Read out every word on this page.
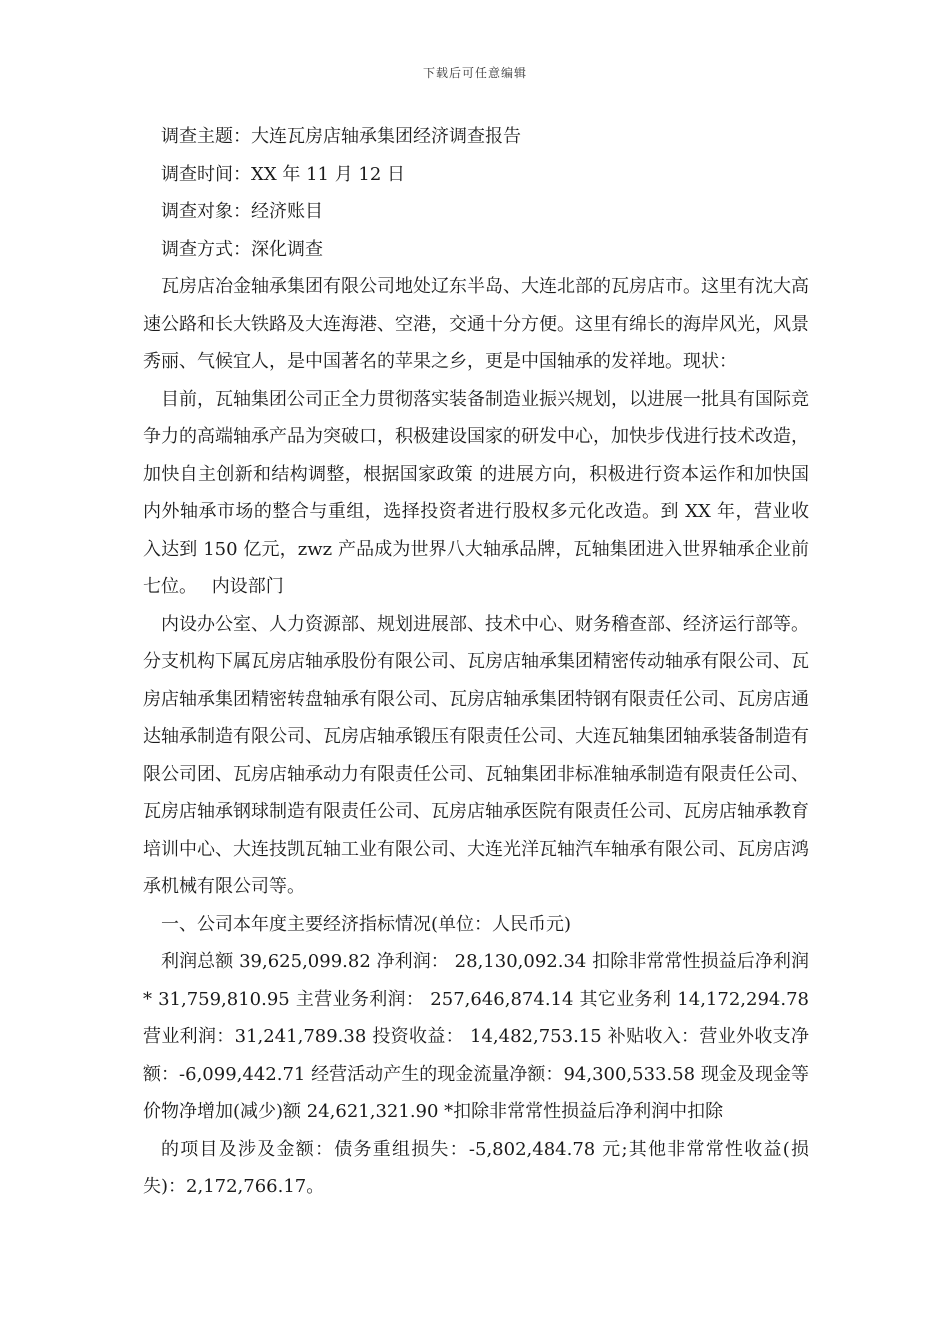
下载后可任意编辑
调查主题：大连瓦房店轴承集团经济调查报告
调查时间：XX 年 11 月 12 日
调查对象：经济账目
调查方式：深化调查
瓦房店冶金轴承集团有限公司地处辽东半岛、大连北部的瓦房店市。这里有沈大高速公路和长大铁路及大连海港、空港，交通十分方便。这里有绵长的海岸风光，风景秀丽、气候宜人，是中国著名的苹果之乡，更是中国轴承的发祥地。现状：
目前，瓦轴集团公司正全力贯彻落实装备制造业振兴规划，以进展一批具有国际竞争力的高端轴承产品为突破口，积极建设国家的研发中心，加快步伐进行技术改造，加快自主创新和结构调整，根据国家政策 的进展方向，积极进行资本运作和加快国内外轴承市场的整合与重组，选择投资者进行股权多元化改造。到 XX 年，营业收入达到 150 亿元，zwz 产品成为世界八大轴承品牌，瓦轴集团进入世界轴承企业前七位。　 内设部门
内设办公室、人力资源部、规划进展部、技术中心、财务稽查部、经济运行部等。 分支机构下属瓦房店轴承股份有限公司、瓦房店轴承集团精密传动轴承有限公司、瓦房店轴承集团精密转盘轴承有限公司、瓦房店轴承集团特钢有限责任公司、瓦房店通达轴承制造有限公司、瓦房店轴承锻压有限责任公司、大连瓦轴集团轴承装备制造有限公司团、瓦房店轴承动力有限责任公司、瓦轴集团非标准轴承制造有限责任公司、瓦房店轴承钢球制造有限责任公司、瓦房店轴承医院有限责任公司、瓦房店轴承教育培训中心、大连技凯瓦轴工业有限公司、大连光洋瓦轴汽车轴承有限公司、瓦房店鸿承机械有限公司等。
一、公司本年度主要经济指标情况(单位：人民币元)
利润总额 39,625,099.82 净利润： 28,130,092.34 扣除非常常性损益后净利润* 31,759,810.95 主营业务利润： 257,646,874.14 其它业务利 14,172,294.78 营业利润：31,241,789.38 投资收益： 14,482,753.15 补贴收入：营业外收支净额：-6,099,442.71 经营活动产生的现金流量净额：94,300,533.58 现金及现金等价物净增加(减少)额 24,621,321.90 *扣除非常常性损益后净利润中扣除
的项目及涉及金额：债务重组损失：-5,802,484.78 元;其他非常常性收益(损失)：2,172,766.17。
